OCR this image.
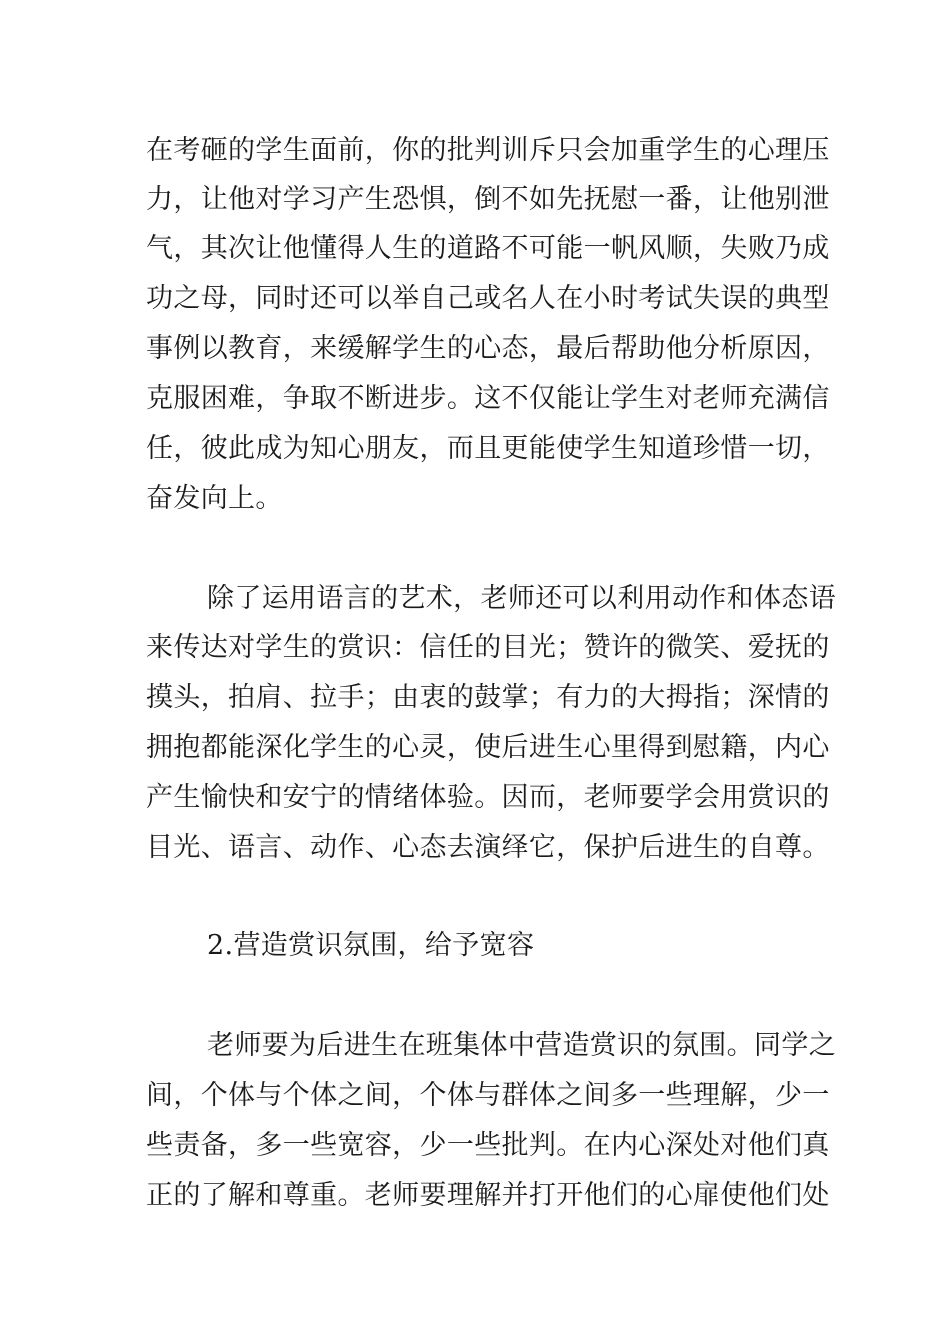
在考砸的学生面前，你的批判训斥只会加重学生的心理压
力，让他对学习产生恐惧，倒不如先抚慰一番，让他别泄
气，其次让他懂得人生的道路不可能一帆风顺，失败乃成
功之母，同时还可以举自己或名人在小时考试失误的典型
事例以教育，来缓解学生的心态，最后帮助他分析原因，
克服困难，争取不断进步。这不仅能让学生对老师充满信
任，彼此成为知心朋友，而且更能使学生知道珍惜一切，
奋发向上。
除了运用语言的艺术，老师还可以利用动作和体态语
来传达对学生的赏识：信任的目光；赞许的微笑、爱抚的
摸头，拍肩、拉手；由衷的鼓掌；有力的大拇指；深情的
拥抱都能深化学生的心灵，使后进生心里得到慰籍，内心
产生愉快和安宁的情绪体验。因而，老师要学会用赏识的
目光、语言、动作、心态去演绎它，保护后进生的自尊。
2.营造赏识氛围，给予宽容
老师要为后进生在班集体中营造赏识的氛围。同学之
间，个体与个体之间，个体与群体之间多一些理解，少一
些责备，多一些宽容，少一些批判。在内心深处对他们真
正的了解和尊重。老师要理解并打开他们的心扉使他们处
